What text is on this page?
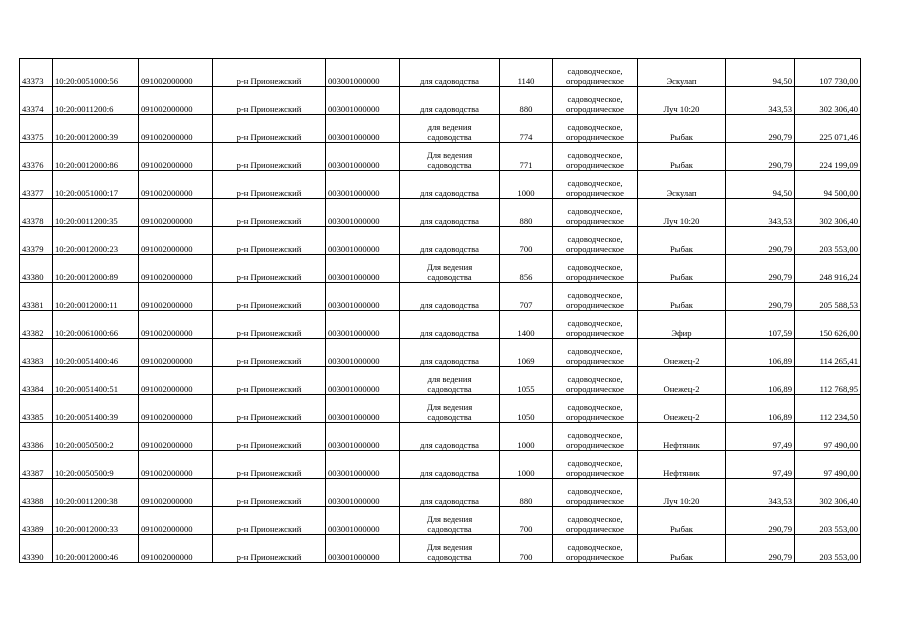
43373	10:20:0051000:56	091002000000	р-н Прионежский	003001000000	для садоводства	1140	садоводческое,
огородническое	Эскулап	94,50	107 730,00
43374	10:20:0011200:6	091002000000	р-н Прионежский	003001000000	для садоводства	880	садоводческое,
огородническое	Луч 10:20	343,53	302 306,40
43375	10:20:0012000:39	091002000000	р-н Прионежский	003001000000	для ведения
садоводства	774	садоводческое,
огородническое	Рыбак	290,79	225 071,46
43376	10:20:0012000:86	091002000000	р-н Прионежский	003001000000	Для ведения
садоводства	771	садоводческое,
огородническое	Рыбак	290,79	224 199,09
43377	10:20:0051000:17	091002000000	р-н Прионежский	003001000000	для садоводства	1000	садоводческое,
огородническое	Эскулап	94,50	94 500,00
43378	10:20:0011200:35	091002000000	р-н Прионежский	003001000000	для садоводства	880	садоводческое,
огородническое	Луч 10:20	343,53	302 306,40
43379	10:20:0012000:23	091002000000	р-н Прионежский	003001000000	для садоводства	700	садоводческое,
огородническое	Рыбак	290,79	203 553,00
43380	10:20:0012000:89	091002000000	р-н Прионежский	003001000000	Для ведения
садоводства	856	садоводческое,
огородническое	Рыбак	290,79	248 916,24
43381	10:20:0012000:11	091002000000	р-н Прионежский	003001000000	для садоводства	707	садоводческое,
огородническое	Рыбак	290,79	205 588,53
43382	10:20:0061000:66	091002000000	р-н Прионежский	003001000000	для садоводства	1400	садоводческое,
огородническое	Эфир	107,59	150 626,00
43383	10:20:0051400:46	091002000000	р-н Прионежский	003001000000	для садоводства	1069	садоводческое,
огородническое	Онежец-2	106,89	114 265,41
43384	10:20:0051400:51	091002000000	р-н Прионежский	003001000000	для ведения
садоводства	1055	садоводческое,
огородническое	Онежец-2	106,89	112 768,95
43385	10:20:0051400:39	091002000000	р-н Прионежский	003001000000	Для ведения
садоводства	1050	садоводческое,
огородническое	Онежец-2	106,89	112 234,50
43386	10:20:0050500:2	091002000000	р-н Прионежский	003001000000	для садоводства	1000	садоводческое,
огородническое	Нефтяник	97,49	97 490,00
43387	10:20:0050500:9	091002000000	р-н Прионежский	003001000000	для садоводства	1000	садоводческое,
огородническое	Нефтяник	97,49	97 490,00
43388	10:20:0011200:38	091002000000	р-н Прионежский	003001000000	для садоводства	880	садоводческое,
огородническое	Луч 10:20	343,53	302 306,40
43389	10:20:0012000:33	091002000000	р-н Прионежский	003001000000	Для ведения
садоводства	700	садоводческое,
огородническое	Рыбак	290,79	203 553,00
43390	10:20:0012000:46	091002000000	р-н Прионежский	003001000000	Для ведения
садоводства	700	садоводческое,
огородническое	Рыбак	290,79	203 553,00
